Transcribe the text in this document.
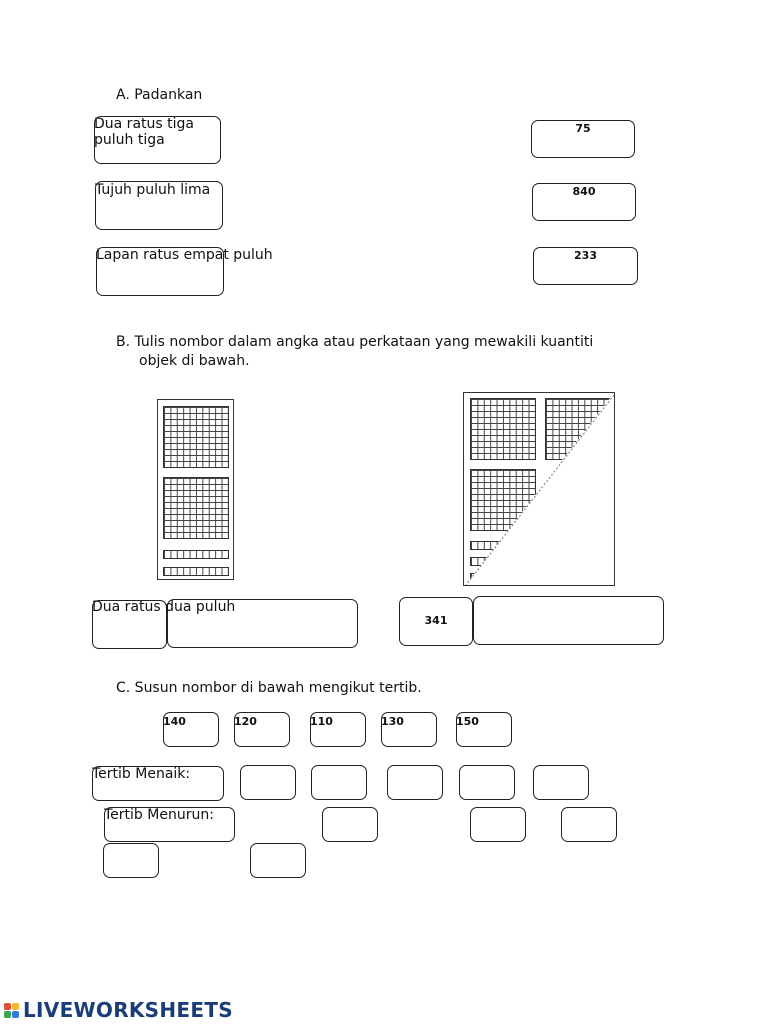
A. Padankan
Dua ratus tiga
puluh tiga
Tujuh puluh lima
Lapan ratus empat puluh
75
840
233
B. Tulis nombor dalam angka atau perkataan yang mewakili kuantiti
objek di bawah.
Dua ratus dua puluh
341
C. Susun nombor di bawah mengikut tertib.
140	120	110	130	150
Tertib Menaik:
Tertib Menurun:
LIVEWORKSHEETS
